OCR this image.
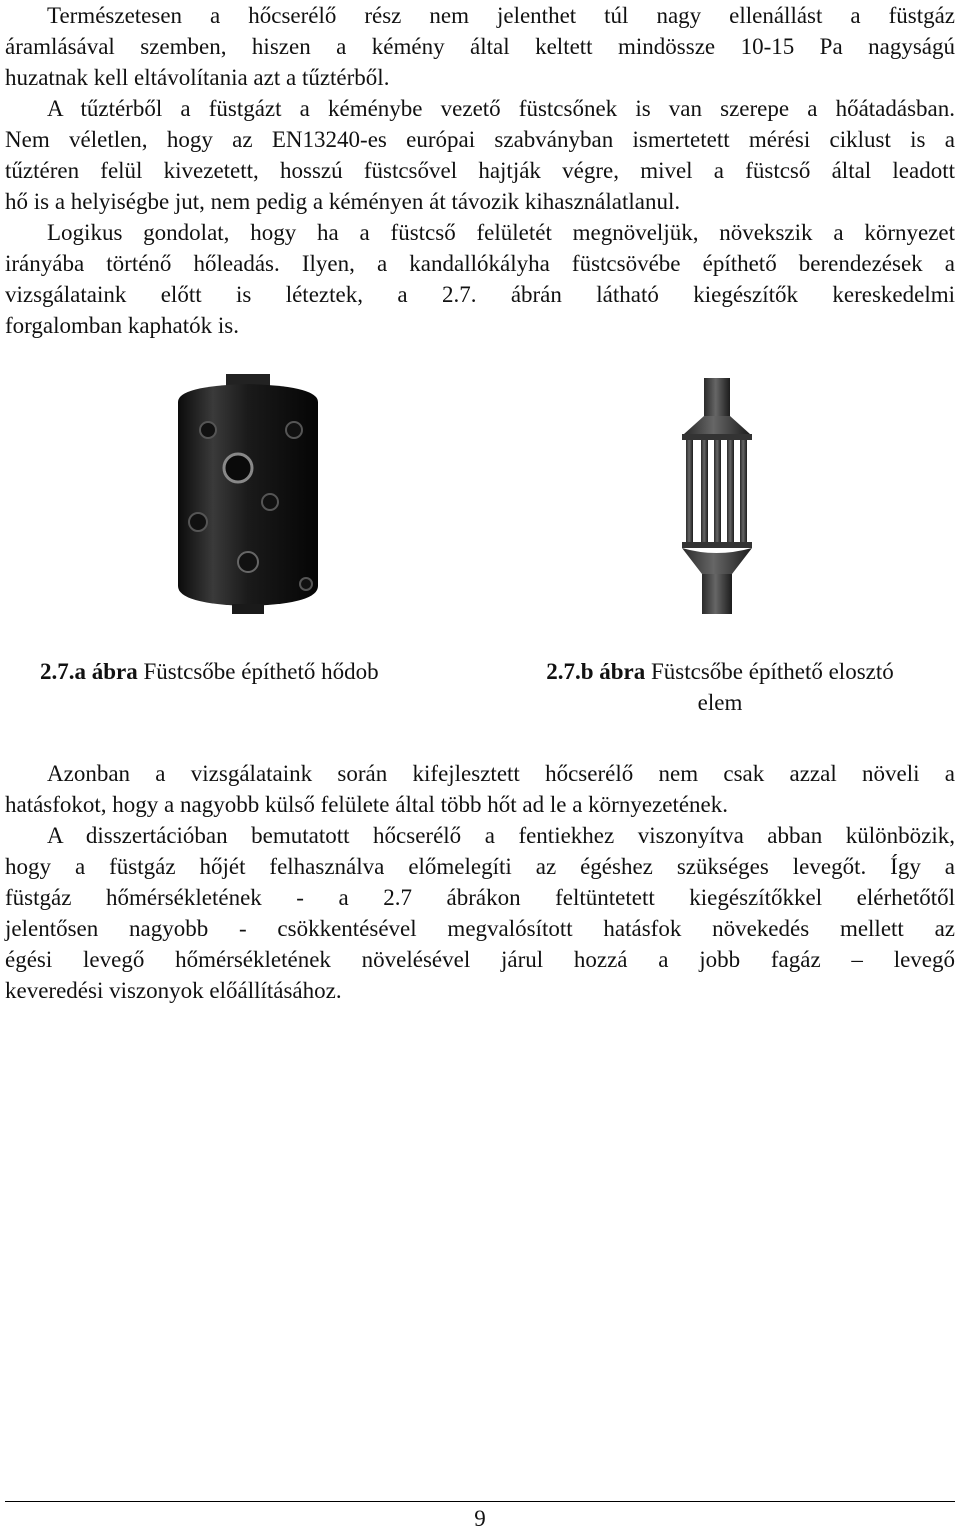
Természetesen a hőcserélő rész nem jelenthet túl nagy ellenállást a füstgáz

áramlásával szemben, hiszen a kémény által keltett mindössze 10-15 Pa nagyságú

huzatnak kell eltávolítania azt a tűztérből.

A tűztérből a füstgázt a kéménybe vezető füstcsőnek is van szerepe a hőátadásban.

Nem véletlen, hogy az EN13240-es európai szabványban ismertetett mérési ciklust is a

tűztéren felül kivezetett, hosszú füstcsővel hajtják végre, mivel a füstcső által leadott

hő is a helyiségbe jut, nem pedig a kéményen át távozik kihasználatlanul.

Logikus gondolat, hogy ha a füstcső felületét megnöveljük, növekszik a környezet

irányába történő hőleadás. Ilyen, a kandallókályha füstcsövébe építhető berendezések a

vizsgálataink előtt is léteztek, a 2.7. ábrán látható kiegészítők kereskedelmi

forgalomban kaphatók is.

2.7.a ábra Füstcsőbe építhető hődob	2.7.b ábra Füstcsőbe építhető elosztó
elem

Azonban a vizsgálataink során kifejlesztett hőcserélő nem csak azzal növeli a

hatásfokot, hogy a nagyobb külső felülete által több hőt ad le a környezetének.

A disszertációban bemutatott hőcserélő a fentiekhez viszonyítva abban különbözik,

hogy a füstgáz hőjét felhasználva előmelegíti az égéshez szükséges levegőt. Így a

füstgáz hőmérsékletének - a 2.7 ábrákon feltüntetett kiegészítőkkel elérhetőtől

jelentősen nagyobb - csökkentésével megvalósított hatásfok növekedés mellett az

égési levegő hőmérsékletének növelésével járul hozzá a jobb fagáz – levegő

keveredési viszonyok előállításához.

9
